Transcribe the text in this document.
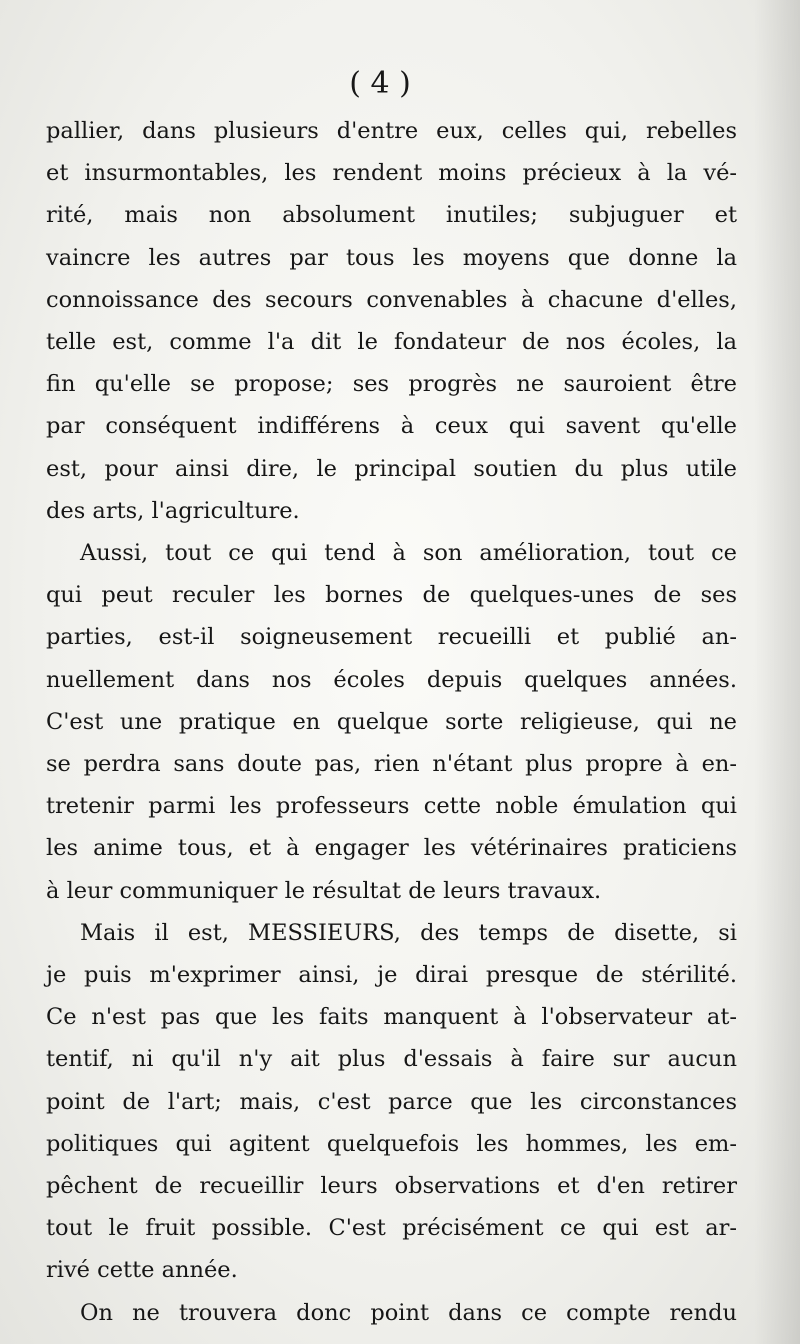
( 4 )
pallier, dans plusieurs d'entre eux, celles qui, rebelles
et insurmontables, les rendent moins précieux à la vé-
rité, mais non absolument inutiles; subjuguer et
vaincre les autres par tous les moyens que donne la
connoissance des secours convenables à chacune d'elles,
telle est, comme l'a dit le fondateur de nos écoles, la
fin qu'elle se propose; ses progrès ne sauroient être
par conséquent indifférens à ceux qui savent qu'elle
est, pour ainsi dire, le principal soutien du plus utile
des arts, l'agriculture.
Aussi, tout ce qui tend à son amélioration, tout ce
qui peut reculer les bornes de quelques-unes de ses
parties, est-il soigneusement recueilli et publié an-
nuellement dans nos écoles depuis quelques années.
C'est une pratique en quelque sorte religieuse, qui ne
se perdra sans doute pas, rien n'étant plus propre à en-
tretenir parmi les professeurs cette noble émulation qui
les anime tous, et à engager les vétérinaires praticiens
à leur communiquer le résultat de leurs travaux.
Mais il est, MESSIEURS, des temps de disette, si
je puis m'exprimer ainsi, je dirai presque de stérilité.
Ce n'est pas que les faits manquent à l'observateur at-
tentif, ni qu'il n'y ait plus d'essais à faire sur aucun
point de l'art; mais, c'est parce que les circonstances
politiques qui agitent quelquefois les hommes, les em-
pêchent de recueillir leurs observations et d'en retirer
tout le fruit possible. C'est précisément ce qui est ar-
rivé cette année.
On ne trouvera donc point dans ce compte rendu
